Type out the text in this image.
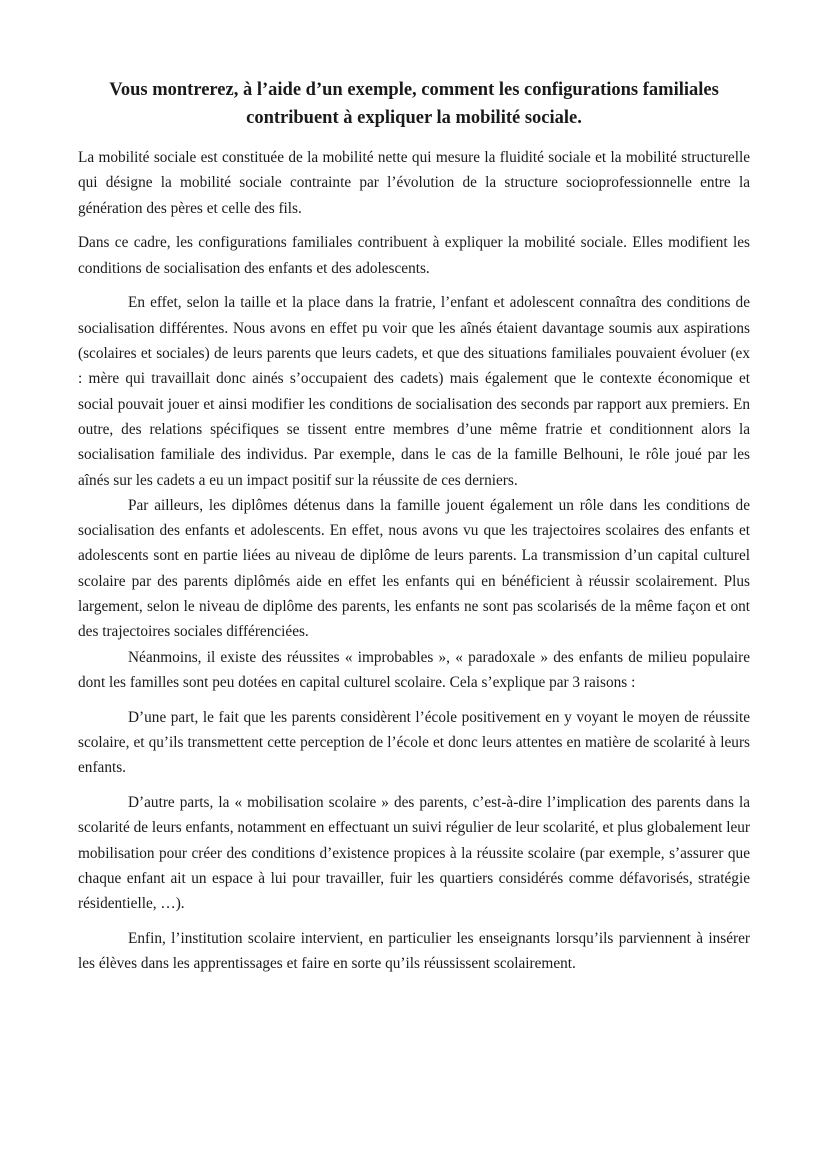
Vous montrerez, à l’aide d’un exemple, comment les configurations familiales contribuent à expliquer la mobilité sociale.

La mobilité sociale est constituée de la mobilité nette qui mesure la fluidité sociale et la mobilité structurelle qui désigne la mobilité sociale contrainte par l’évolution de la structure socioprofessionnelle entre la génération des pères et celle des fils.

Dans ce cadre, les configurations familiales contribuent à expliquer la mobilité sociale. Elles modifient les conditions de socialisation des enfants et des adolescents.

En effet, selon la taille et la place dans la fratrie, l’enfant et adolescent connaîtra des conditions de socialisation différentes. Nous avons en effet pu voir que les aînés étaient davantage soumis aux aspirations (scolaires et sociales) de leurs parents que leurs cadets, et que des situations familiales pouvaient évoluer (ex : mère qui travaillait donc ainés s’occupaient des cadets) mais également que le contexte économique et social pouvait jouer et ainsi modifier les conditions de socialisation des seconds par rapport aux premiers. En outre, des relations spécifiques se tissent entre membres d’une même fratrie et conditionnent alors la socialisation familiale des individus. Par exemple, dans le cas de la famille Belhouni, le rôle joué par les aînés sur les cadets a eu un impact positif sur la réussite de ces derniers.

Par ailleurs, les diplômes détenus dans la famille jouent également un rôle dans les conditions de socialisation des enfants et adolescents. En effet, nous avons vu que les trajectoires scolaires des enfants et adolescents sont en partie liées au niveau de diplôme de leurs parents. La transmission d’un capital culturel scolaire par des parents diplômés aide en effet les enfants qui en bénéficient à réussir scolairement. Plus largement, selon le niveau de diplôme des parents, les enfants ne sont pas scolarisés de la même façon et ont des trajectoires sociales différenciées.

Néanmoins, il existe des réussites « improbables », « paradoxale » des enfants de milieu populaire dont les familles sont peu dotées en capital culturel scolaire. Cela s’explique par 3 raisons :

D’une part, le fait que les parents considèrent l’école positivement en y voyant le moyen de réussite scolaire, et qu’ils transmettent cette perception de l’école et donc leurs attentes en matière de scolarité à leurs enfants.

D’autre parts, la « mobilisation scolaire » des parents, c’est-à-dire l’implication des parents dans la scolarité de leurs enfants, notamment en effectuant un suivi régulier de leur scolarité, et plus globalement leur mobilisation pour créer des conditions d’existence propices à la réussite scolaire (par exemple, s’assurer que chaque enfant ait un espace à lui pour travailler, fuir les quartiers considérés comme défavorisés, stratégie résidentielle, …).

Enfin, l’institution scolaire intervient, en particulier les enseignants lorsqu’ils parviennent à insérer les élèves dans les apprentissages et faire en sorte qu’ils réussissent scolairement.
